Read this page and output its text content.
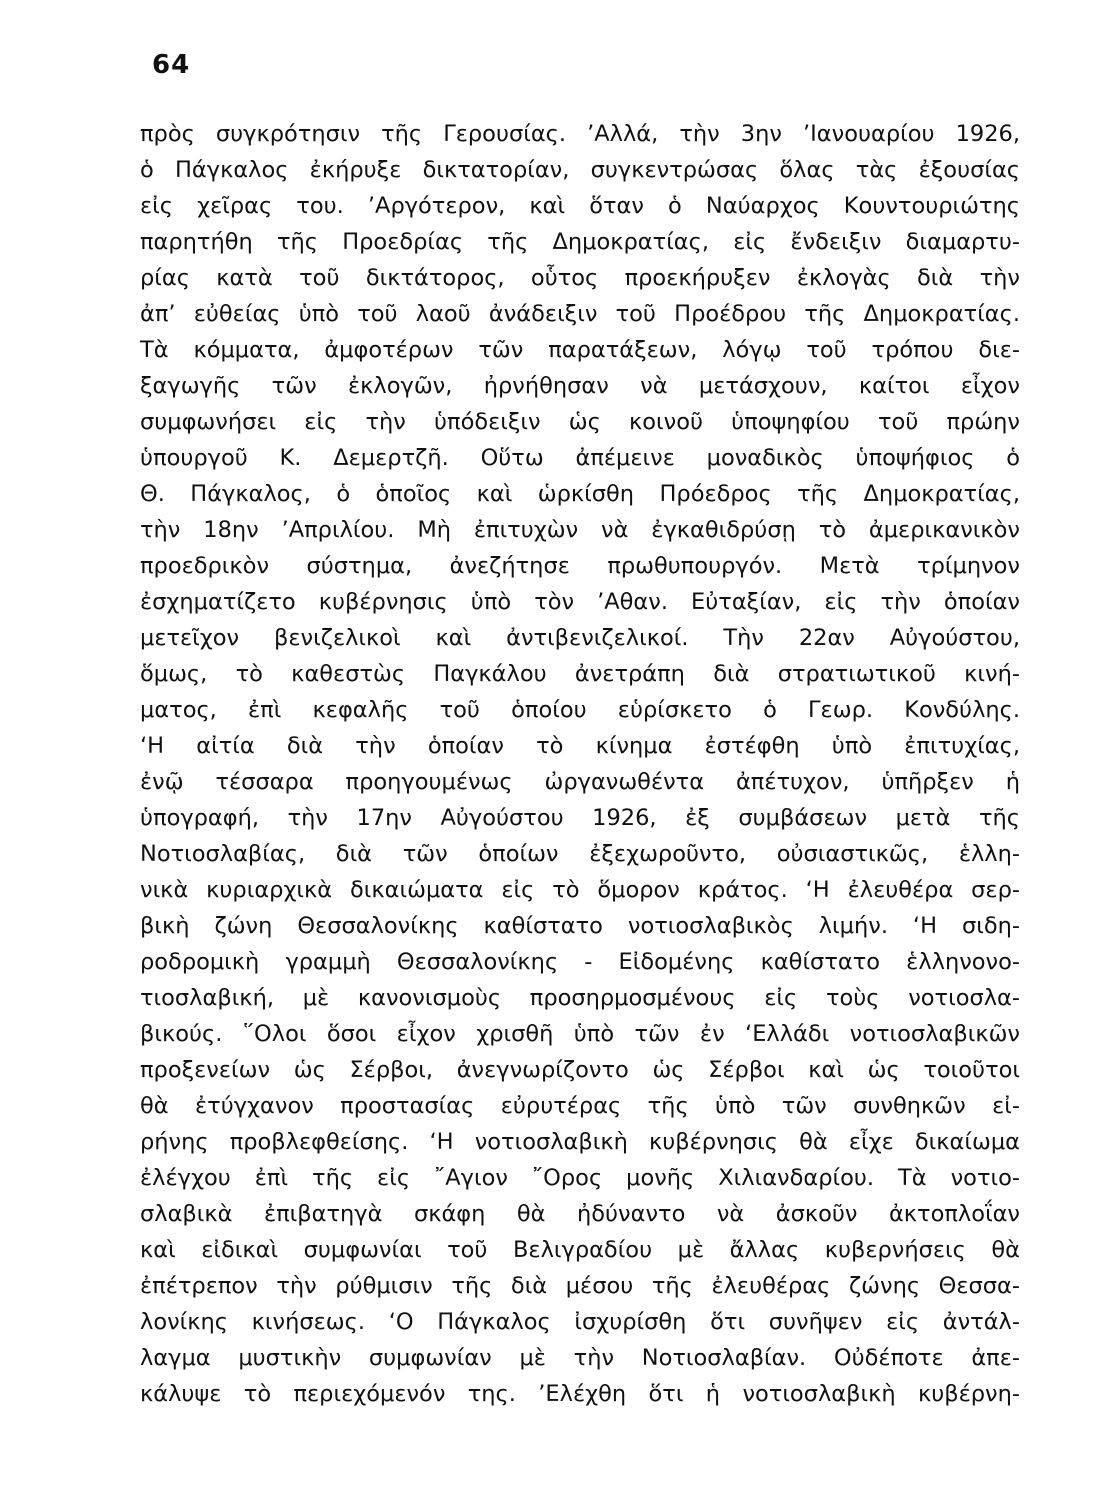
64
πρὸς συγκρότησιν τῆς Γερουσίας. ’Αλλά, τὴν 3ην ’Ιανουαρίου 1926,
ὁ Πάγκαλος ἐκήρυξε δικτατορίαν, συγκεντρώσας ὅλας τὰς ἐξουσίας
εἰς χεῖρας του. ’Αργότερον, καὶ ὅταν ὁ Ναύαρχος Κουντουριώτης
παρητήθη τῆς Προεδρίας τῆς Δημοκρατίας, εἰς ἔνδειξιν διαμαρτυ-
ρίας κατὰ τοῦ δικτάτορος, οὗτος προεκήρυξεν ἐκλογὰς διὰ τὴν
ἀπ’ εὐθείας ὑπὸ τοῦ λαοῦ ἀνάδειξιν τοῦ Προέδρου τῆς Δημοκρατίας.
Τὰ κόμματα, ἀμφοτέρων τῶν παρατάξεων, λόγῳ τοῦ τρόπου διε-
ξαγωγῆς τῶν ἐκλογῶν, ἠρνήθησαν νὰ μετάσχουν, καίτοι εἶχον
συμφωνήσει εἰς τὴν ὑπόδειξιν ὡς κοινοῦ ὑποψηφίου τοῦ πρώην
ὑπουργοῦ Κ. Δεμερτζῆ. Οὕτω ἀπέμεινε μοναδικὸς ὑποψήφιος ὁ
Θ. Πάγκαλος, ὁ ὁποῖος καὶ ὡρκίσθη Πρόεδρος τῆς Δημοκρατίας,
τὴν 18ην ’Απριλίου. Μὴ ἐπιτυχὼν νὰ ἐγκαθιδρύσῃ τὸ ἀμερικανικὸν
προεδρικὸν σύστημα, ἀνεζήτησε πρωθυπουργόν. Μετὰ τρίμηνον
ἐσχηματίζετο κυβέρνησις ὑπὸ τὸν ’Αθαν. Εὐταξίαν, εἰς τὴν ὁποίαν
μετεῖχον βενιζελικοὶ καὶ ἀντιβενιζελικοί. Τὴν 22αν Αὐγούστου,
ὅμως, τὸ καθεστὼς Παγκάλου ἀνετράπη διὰ στρατιωτικοῦ κινή-
ματος, ἐπὶ κεφαλῆς τοῦ ὁποίου εὑρίσκετο ὁ Γεωρ. Κονδύλης.
‘Η αἰτία διὰ τὴν ὁποίαν τὸ κίνημα ἐστέφθη ὑπὸ ἐπιτυχίας,
ἐνῷ τέσσαρα προηγουμένως ὠργανωθέντα ἀπέτυχον, ὑπῆρξεν ἡ
ὑπογραφή, τὴν 17ην Αὐγούστου 1926, ἐξ συμβάσεων μετὰ τῆς
Νοτιοσλαβίας, διὰ τῶν ὁποίων ἐξεχωροῦντο, οὐσιαστικῶς, ἑλλη-
νικὰ κυριαρχικὰ δικαιώματα εἰς τὸ ὅμορον κράτος. ‘Η ἐλευθέρα σερ-
βικὴ ζώνη Θεσσαλονίκης καθίστατο νοτιοσλαβικὸς λιμήν. ‘Η σιδη-
ροδρομικὴ γραμμὴ Θεσσαλονίκης - Εἰδομένης καθίστατο ἑλληνονο-
τιοσλαβική, μὲ κανονισμοὺς προσηρμοσμένους εἰς τοὺς νοτιοσλα-
βικούς. ῞Ολοι ὅσοι εἶχον χρισθῆ ὑπὸ τῶν ἐν ‘Ελλάδι νοτιοσλαβικῶν
προξενείων ὡς Σέρβοι, ἀνεγνωρίζοντο ὡς Σέρβοι καὶ ὡς τοιοῦτοι
θὰ ἐτύγχανον προστασίας εὐρυτέρας τῆς ὑπὸ τῶν συνθηκῶν εἰ-
ρήνης προβλεφθείσης. ‘Η νοτιοσλαβικὴ κυβέρνησις θὰ εἶχε δικαίωμα
ἐλέγχου ἐπὶ τῆς εἰς ῎Αγιον ῎Ορος μονῆς Χιλιανδαρίου. Τὰ νοτιο-
σλαβικὰ ἐπιβατηγὰ σκάφη θὰ ἠδύναντο νὰ ἀσκοῦν ἀκτοπλοΐαν
καὶ εἰδικαὶ συμφωνίαι τοῦ Βελιγραδίου μὲ ἄλλας κυβερνήσεις θὰ
ἐπέτρεπον τὴν ρύθμισιν τῆς διὰ μέσου τῆς ἐλευθέρας ζώνης Θεσσα-
λονίκης κινήσεως. ‘Ο Πάγκαλος ἰσχυρίσθη ὅτι συνῆψεν εἰς ἀντάλ-
λαγμα μυστικὴν συμφωνίαν μὲ τὴν Νοτιοσλαβίαν. Οὐδέποτε ἀπε-
κάλυψε τὸ περιεχόμενόν της. ’Ελέχθη ὅτι ἡ νοτιοσλαβικὴ κυβέρνη-
